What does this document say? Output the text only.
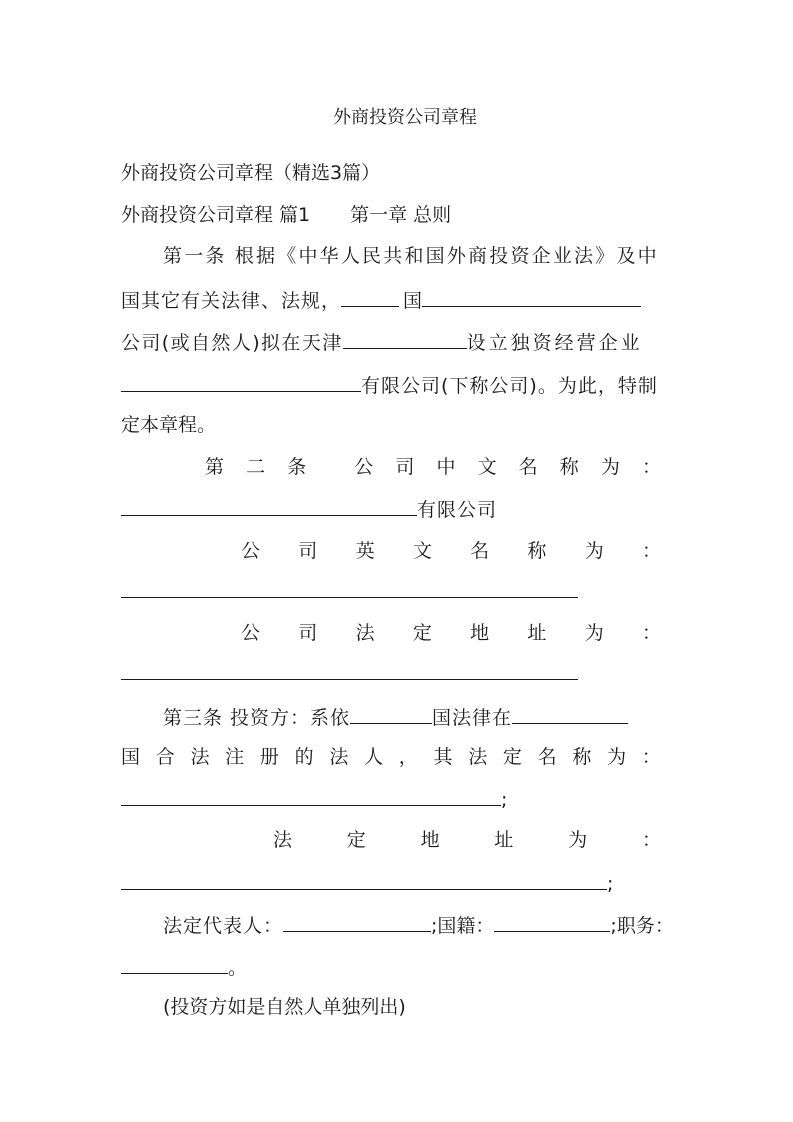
外商投资公司章程
外商投资公司章程（精选3篇）
外商投资公司章程 篇1 第一章 总则
第一条 根据《中华人民共和国外商投资企业法》及中
国其它有关法律、法规，	国
公司(或自然人)拟在天津	设立独资经营企业
有限公司(下称公司)。为此，特制
定本章程。
第 二 条	公 司 中 文 名 称 为 ：
有限公司
公 司 英 文 名 称 为 ：
公 司 法 定 地 址 为 ：
第三条 投资方：系依	国法律在
国 合 法 注 册 的 法 人 ， 其 法 定 名 称 为 ：
;
法	定	地	址	为	：
;
法定代表人：	;国籍：	;职务：
。
(投资方如是自然人单独列出)
